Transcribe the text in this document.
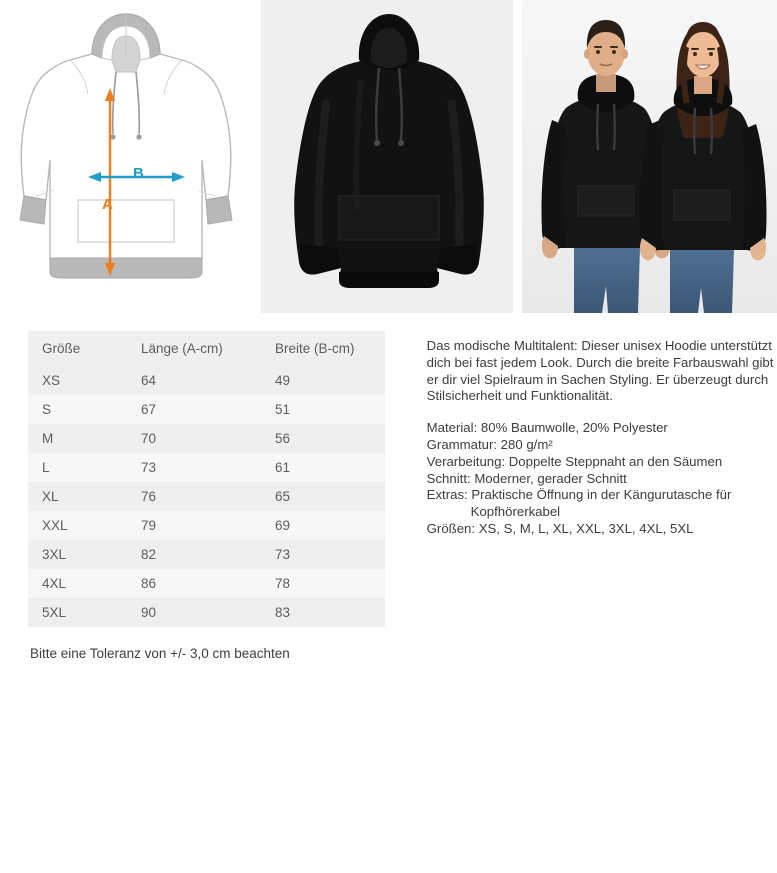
B
A
Größe	Länge (A-cm)	Breite (B-cm)
XS	64	49
S	67	51
M	70	56
L	73	61
XL	76	65
XXL	79	69
3XL	82	73
4XL	86	78
5XL	90	83

Das modische Multitalent: Dieser unisex Hoodie unterstützt dich bei fast jedem Look. Durch die breite Farbauswahl gibt er dir viel Spielraum in Sachen Styling. Er überzeugt durch Stilsicherheit und Funktionalität.

Material: 80% Baumwolle, 20% Polyester

Grammatur: 280 g/m²

Verarbeitung: Doppelte Steppnaht an den Säumen

Schnitt: Moderner, gerader Schnitt

Extras: Praktische Öffnung in der Kängurutasche für

Kopfhörerkabel

Größen: XS, S, M, L, XL, XXL, 3XL, 4XL, 5XL

Bitte eine Toleranz von +/- 3,0 cm beachten
